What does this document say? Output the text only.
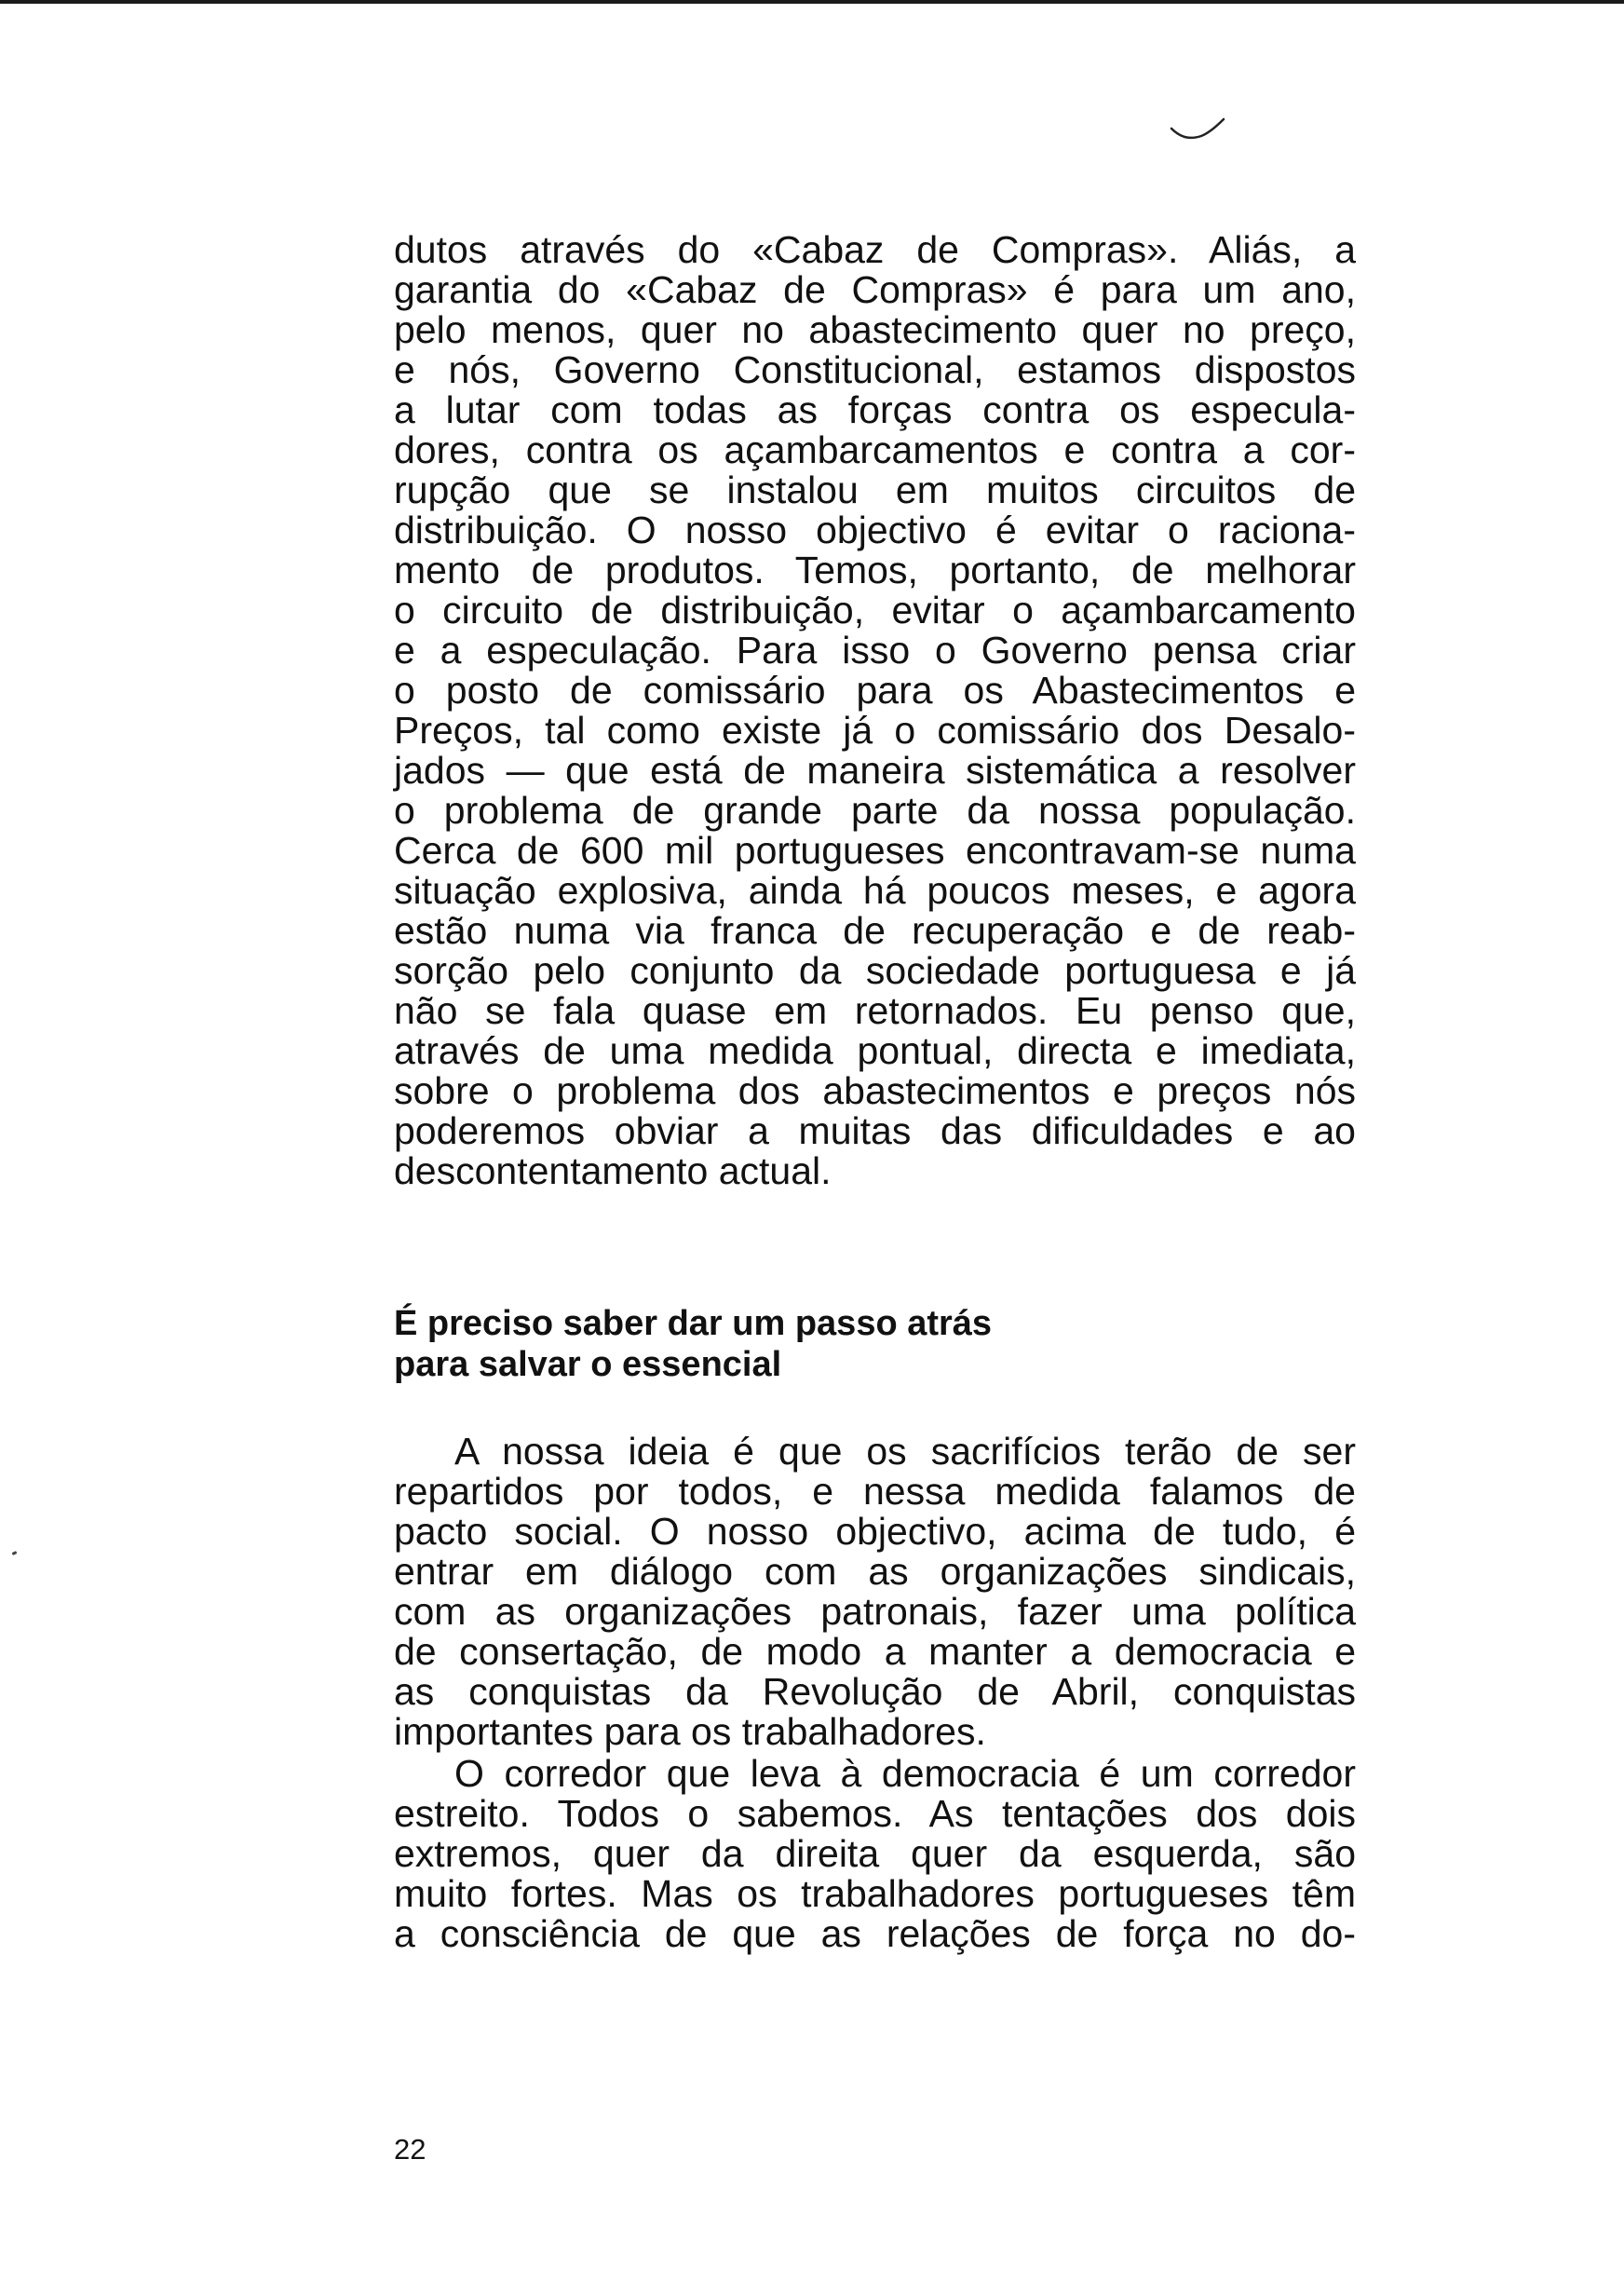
dutos através do «Cabaz de Compras». Aliás, a
garantia do «Cabaz de Compras» é para um ano,
pelo menos, quer no abastecimento quer no preço,
e nós, Governo Constitucional, estamos dispostos
a lutar com todas as forças contra os especula-
dores, contra os açambarcamentos e contra a cor-
rupção que se instalou em muitos circuitos de
distribuição. O nosso objectivo é evitar o raciona-
mento de produtos. Temos, portanto, de melhorar
o circuito de distribuição, evitar o açambarcamento
e a especulação. Para isso o Governo pensa criar
o posto de comissário para os Abastecimentos e
Preços, tal como existe já o comissário dos Desalo-
jados — que está de maneira sistemática a resolver
o problema de grande parte da nossa população.
Cerca de 600 mil portugueses encontravam-se numa
situação explosiva, ainda há poucos meses, e agora
estão numa via franca de recuperação e de reab-
sorção pelo conjunto da sociedade portuguesa e já
não se fala quase em retornados. Eu penso que,
através de uma medida pontual, directa e imediata,
sobre o problema dos abastecimentos e preços nós
poderemos obviar a muitas das dificuldades e ao
descontentamento actual.
É preciso saber dar um passo atrás
para salvar o essencial
A nossa ideia é que os sacrifícios terão de ser
repartidos por todos, e nessa medida falamos de
pacto social. O nosso objectivo, acima de tudo, é
entrar em diálogo com as organizações sindicais,
com as organizações patronais, fazer uma política
de consertação, de modo a manter a democracia e
as conquistas da Revolução de Abril, conquistas
importantes para os trabalhadores.
O corredor que leva à democracia é um corredor
estreito. Todos o sabemos. As tentações dos dois
extremos, quer da direita quer da esquerda, são
muito fortes. Mas os trabalhadores portugueses têm
a consciência de que as relações de força no do-
22
